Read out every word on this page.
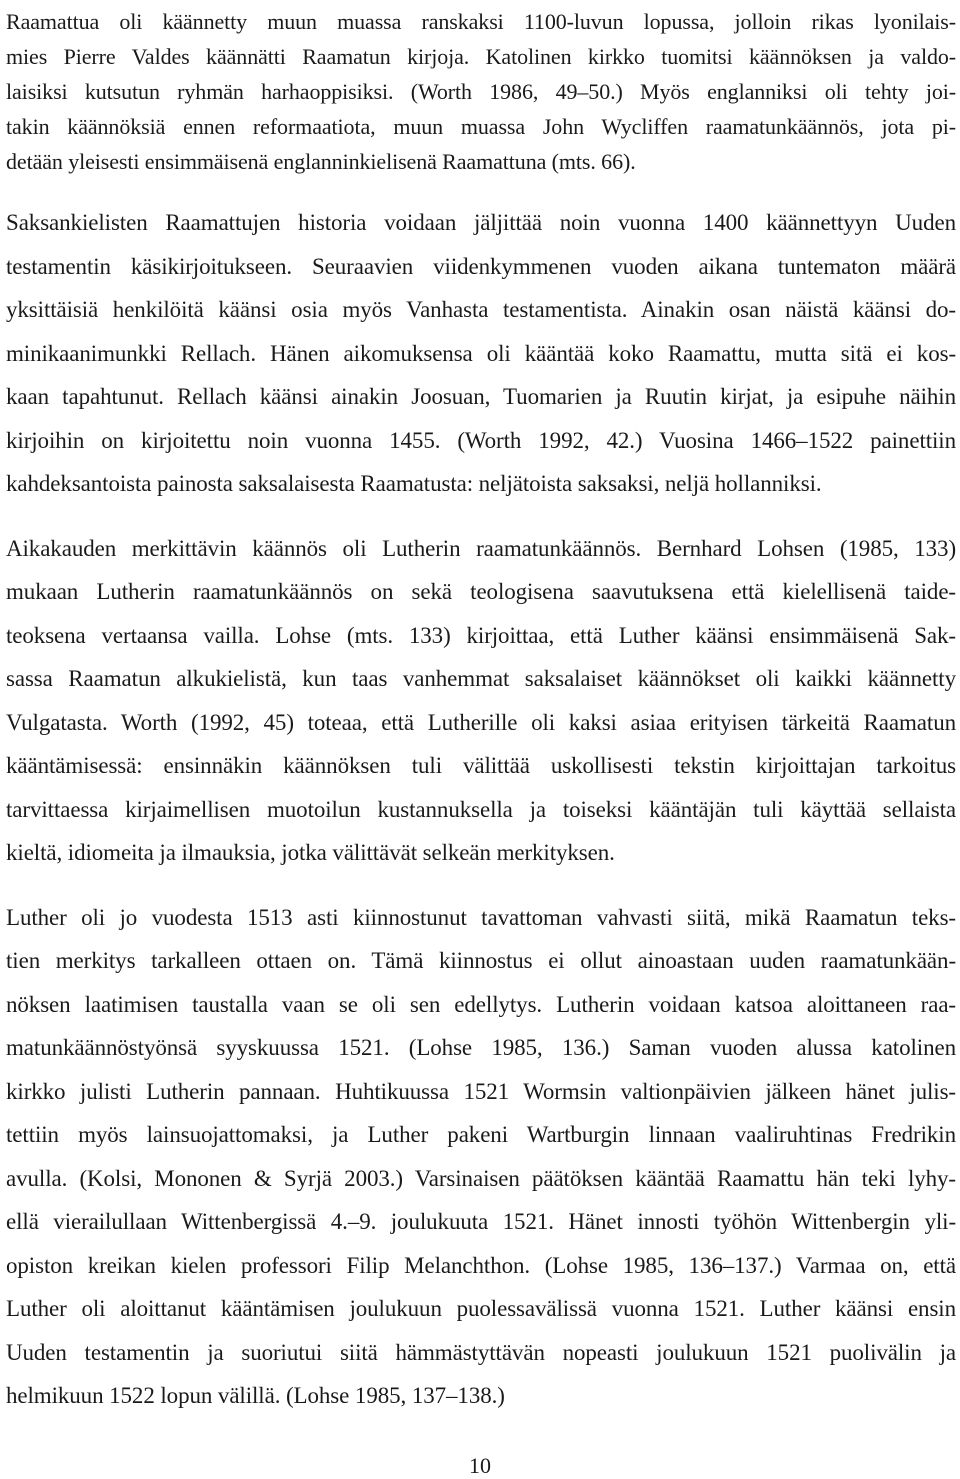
Raamattua oli käännetty muun muassa ranskaksi 1100-luvun lopussa, jolloin rikas lyonilais-
mies Pierre Valdes käännätti Raamatun kirjoja. Katolinen kirkko tuomitsi käännöksen ja valdo-
laisiksi kutsutun ryhmän harhaoppisiksi. (Worth 1986, 49–50.) Myös englanniksi oli tehty joi-
takin käännöksiä ennen reformaatiota, muun muassa John Wycliffen raamatunkäännös, jota pi-
detään yleisesti ensimmäisenä englanninkielisenä Raamattuna (mts. 66).
Saksankielisten Raamattujen historia voidaan jäljittää noin vuonna 1400 käännettyyn Uuden
testamentin käsikirjoitukseen. Seuraavien viidenkymmenen vuoden aikana tuntematon määrä
yksittäisiä henkilöitä käänsi osia myös Vanhasta testamentista. Ainakin osan näistä käänsi do-
minikaanimunkki Rellach. Hänen aikomuksensa oli kääntää koko Raamattu, mutta sitä ei kos-
kaan tapahtunut. Rellach käänsi ainakin Joosuan, Tuomarien ja Ruutin kirjat, ja esipuhe näihin
kirjoihin on kirjoitettu noin vuonna 1455. (Worth 1992, 42.) Vuosina 1466–1522 painettiin
kahdeksantoista painosta saksalaisesta Raamatusta: neljätoista saksaksi, neljä hollanniksi.
Aikakauden merkittävin käännös oli Lutherin raamatunkäännös. Bernhard Lohsen (1985, 133)
mukaan Lutherin raamatunkäännös on sekä teologisena saavutuksena että kielellisenä taide-
teoksena vertaansa vailla. Lohse (mts. 133) kirjoittaa, että Luther käänsi ensimmäisenä Sak-
sassa Raamatun alkukielistä, kun taas vanhemmat saksalaiset käännökset oli kaikki käännetty
Vulgatasta. Worth (1992, 45) toteaa, että Lutherille oli kaksi asiaa erityisen tärkeitä Raamatun
kääntämisessä: ensinnäkin käännöksen tuli välittää uskollisesti tekstin kirjoittajan tarkoitus
tarvittaessa kirjaimellisen muotoilun kustannuksella ja toiseksi kääntäjän tuli käyttää sellaista
kieltä, idiomeita ja ilmauksia, jotka välittävät selkeän merkityksen.
Luther oli jo vuodesta 1513 asti kiinnostunut tavattoman vahvasti siitä, mikä Raamatun teks-
tien merkitys tarkalleen ottaen on. Tämä kiinnostus ei ollut ainoastaan uuden raamatunkään-
nöksen laatimisen taustalla vaan se oli sen edellytys. Lutherin voidaan katsoa aloittaneen raa-
matunkäännöstyönsä syyskuussa 1521. (Lohse 1985, 136.) Saman vuoden alussa katolinen
kirkko julisti Lutherin pannaan. Huhtikuussa 1521 Wormsin valtionpäivien jälkeen hänet julis-
tettiin myös lainsuojattomaksi, ja Luther pakeni Wartburgin linnaan vaaliruhtinas Fredrikin
avulla. (Kolsi, Mononen & Syrjä 2003.) Varsinaisen päätöksen kääntää Raamattu hän teki lyhy-
ellä vierailullaan Wittenbergissä 4.–9. joulukuuta 1521. Hänet innosti työhön Wittenbergin yli-
opiston kreikan kielen professori Filip Melanchthon. (Lohse 1985, 136–137.) Varmaa on, että
Luther oli aloittanut kääntämisen joulukuun puolessavälissä vuonna 1521. Luther käänsi ensin
Uuden testamentin ja suoriutui siitä hämmästyttävän nopeasti joulukuun 1521 puolivälin ja
helmikuun 1522 lopun välillä. (Lohse 1985, 137–138.)
10
